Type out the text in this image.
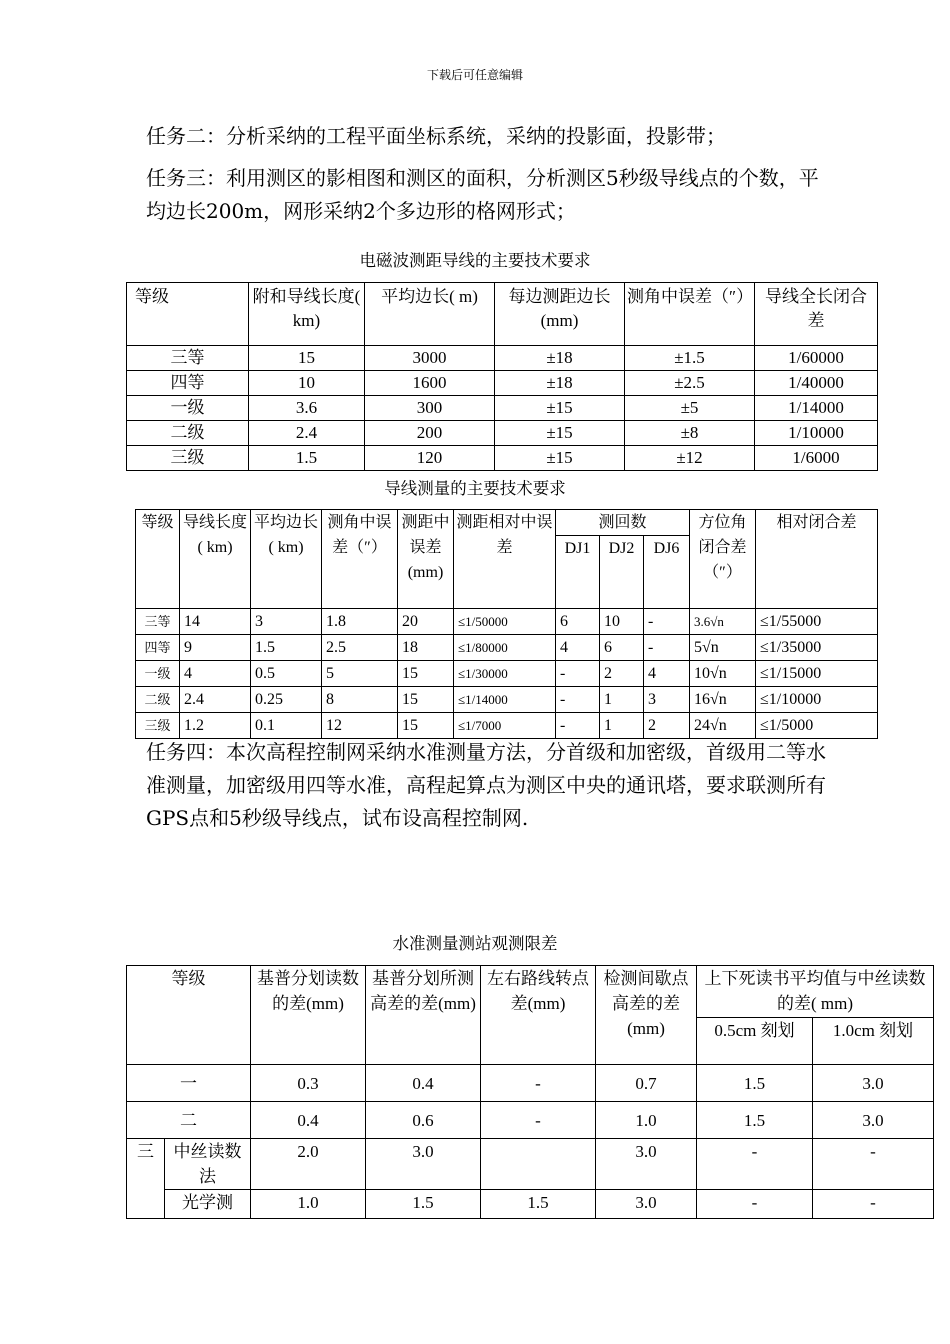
下载后可任意编辑
任务二：分析采纳的工程平面坐标系统，采纳的投影面，投影带；
任务三：利用测区的影相图和测区的面积，分析测区5秒级导线点的个数，平均边长200m，网形采纳2个多边形的格网形式；
电磁波测距导线的主要技术要求
等级	附和导线长度( km)	平均边长( m)	每边测距边长(mm)	测角中误差（″）	导线全长闭合差
三等	15	3000	±18	±1.5	1/60000
四等	10	1600	±18	±2.5	1/40000
一级	3.6	300	±15	±5	1/14000
二级	2.4	200	±15	±8	1/10000
三级	1.5	120	±15	±12	1/6000
导线测量的主要技术要求
等级	导线长度( km)	平均边长( km)	测角中误差（″）	测距中误差(mm)	测距相对中误差	测回数			方位角闭合差（″）	相对闭合差
						DJ1	DJ2	DJ6		
三等	14	3	1.8	20	≤1/50000	6	10	-	3.6√n	≤1/55000
四等	9	1.5	2.5	18	≤1/80000	4	6	-	5√n	≤1/35000
一级	4	0.5	5	15	≤1/30000	-	2	4	10√n	≤1/15000
二级	2.4	0.25	8	15	≤1/14000	-	1	3	16√n	≤1/10000
三级	1.2	0.1	12	15	≤1/7000	-	1	2	24√n	≤1/5000
任务四：本次高程控制网采纳水准测量方法，分首级和加密级，首级用二等水准测量，加密级用四等水准，高程起算点为测区中央的通讯塔，要求联测所有GPS点和5秒级导线点，试布设高程控制网.
水准测量测站观测限差
等级		基普分划读数的差(mm)	基普分划所测高差的差(mm)	左右路线转点差(mm)	检测间歇点高差的差(mm)	上下死读书平均值与中丝读数的差( mm)	
						0.5cm 刻划	1.0cm 刻划
一		0.3	0.4	-	0.7	1.5	3.0
二		0.4	0.6	-	1.0	1.5	3.0
三	中丝读数法	2.0	3.0		3.0	-	-
	光学测	1.0	1.5	1.5	3.0	-	-
